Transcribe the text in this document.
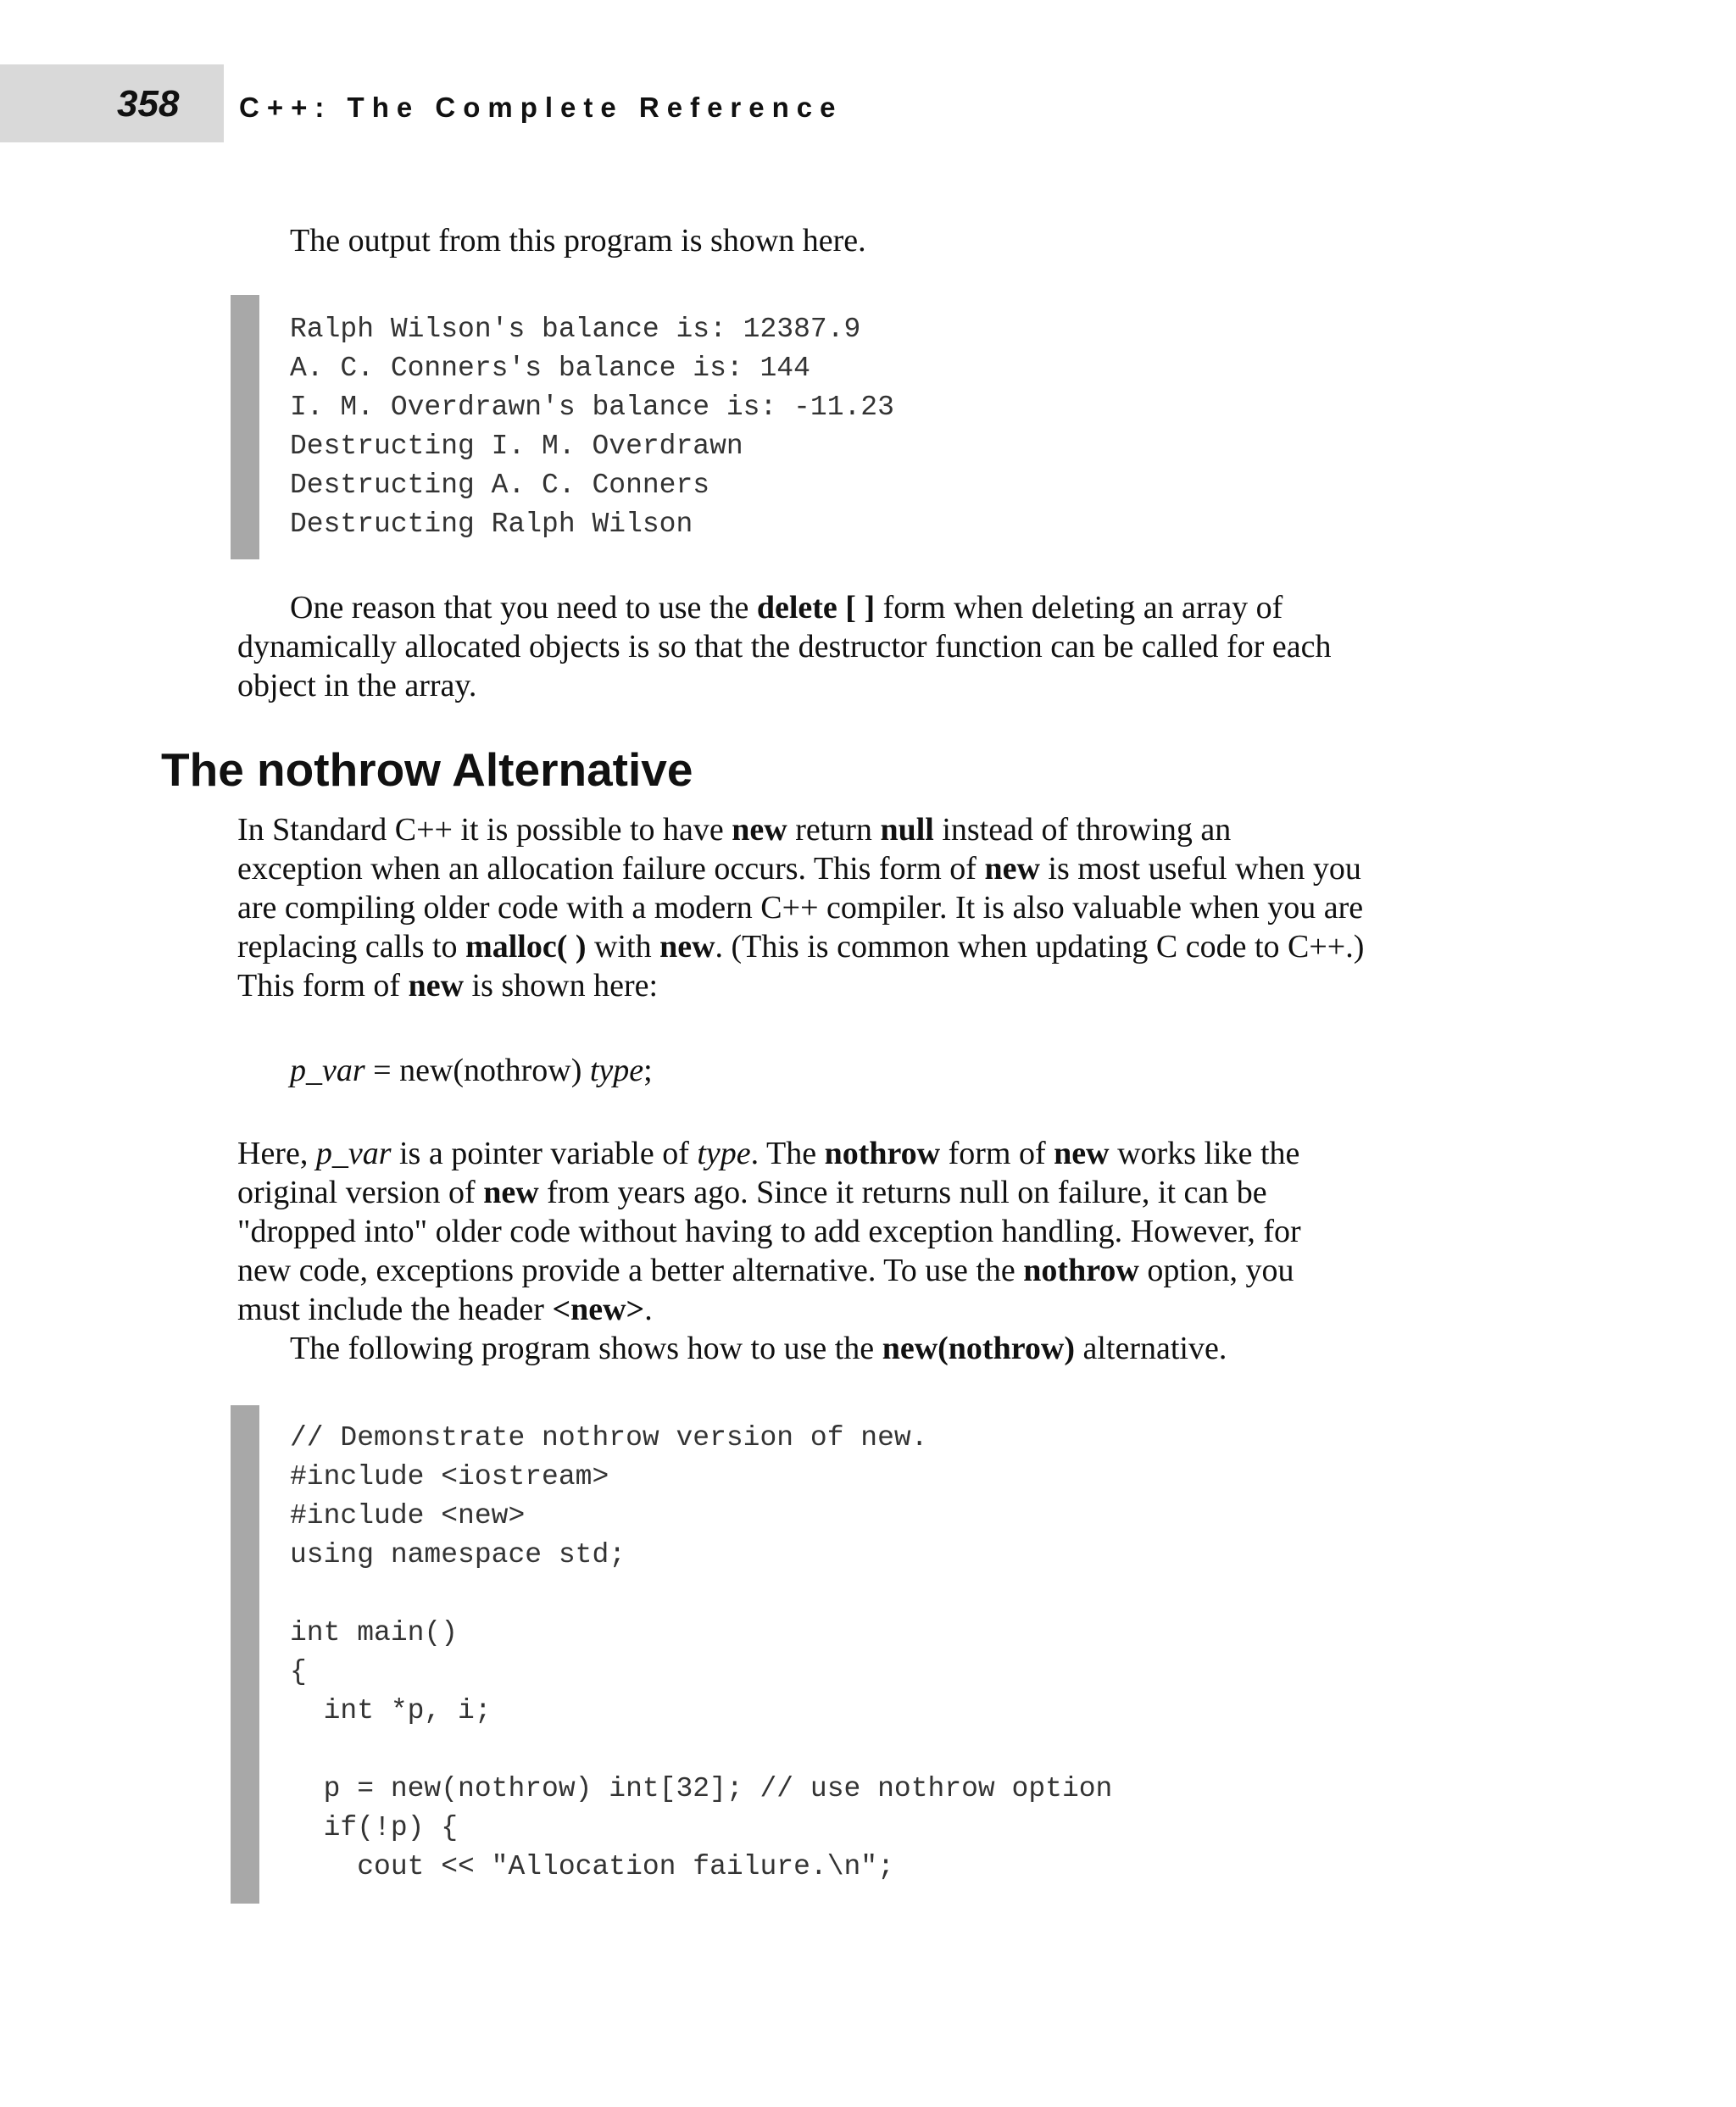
358 C++: The Complete Reference
The output from this program is shown here.
Ralph Wilson's balance is: 12387.9
A. C. Conners's balance is: 144
I. M. Overdrawn's balance is: -11.23
Destructing I. M. Overdrawn
Destructing A. C. Conners
Destructing Ralph Wilson
One reason that you need to use the delete [ ] form when deleting an array of
dynamically allocated objects is so that the destructor function can be called for each
object in the array.
The nothrow Alternative
In Standard C++ it is possible to have new return null instead of throwing an
exception when an allocation failure occurs. This form of new is most useful when you
are compiling older code with a modern C++ compiler. It is also valuable when you are
replacing calls to malloc( ) with new. (This is common when updating C code to C++.)
This form of new is shown here:
p_var = new(nothrow) type;
Here, p_var is a pointer variable of type. The nothrow form of new works like the
original version of new from years ago. Since it returns null on failure, it can be
"dropped into" older code without having to add exception handling. However, for
new code, exceptions provide a better alternative. To use the nothrow option, you
must include the header <new>.
The following program shows how to use the new(nothrow) alternative.
// Demonstrate nothrow version of new.
#include <iostream>
#include <new>
using namespace std;
int main()
{
int *p, i;
p = new(nothrow) int[32]; // use nothrow option
if(!p) {
cout << "Allocation failure.\n";
